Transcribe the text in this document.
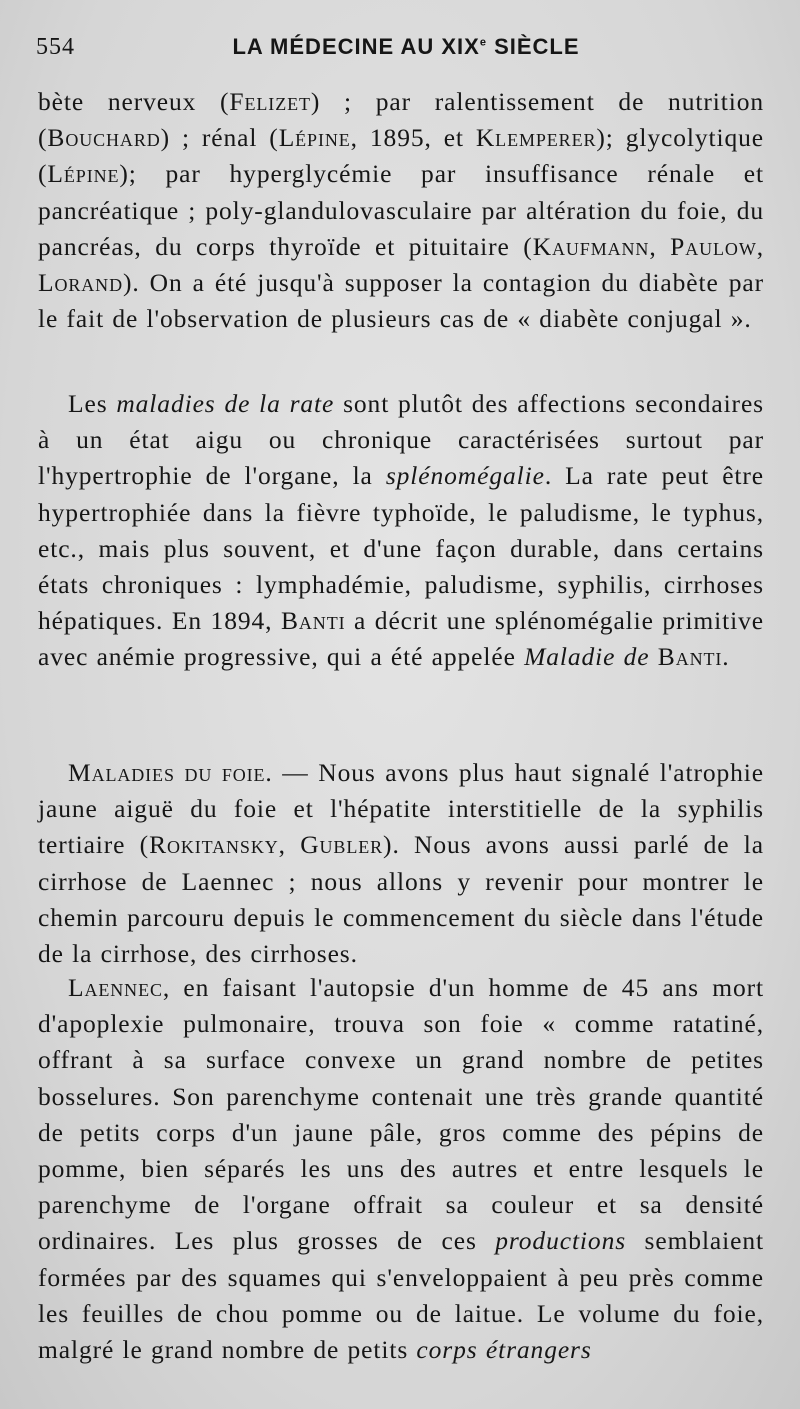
554	LA MÉDECINE AU XIXe SIÈCLE

bète nerveux (Felizet) ; par ralentissement de nutrition (Bouchard) ; rénal (Lépine, 1895, et Klemperer); glycolytique (Lépine); par hyperglycémie par insuffisance rénale et pancréatique ; poly-glandulovasculaire par altération du foie, du pancréas, du corps thyroïde et pituitaire (Kaufmann, Paulow, Lorand). On a été jusqu'à supposer la contagion du diabète par le fait de l'observation de plusieurs cas de « diabète conjugal ».

Les maladies de la rate sont plutôt des affections secondaires à un état aigu ou chronique caractérisées surtout par l'hypertrophie de l'organe, la splénomégalie. La rate peut être hypertrophiée dans la fièvre typhoïde, le paludisme, le typhus, etc., mais plus souvent, et d'une façon durable, dans certains états chroniques : lymphadémie, paludisme, syphilis, cirrhoses hépatiques. En 1894, Banti a décrit une splénomégalie primitive avec anémie progressive, qui a été appelée Maladie de Banti.

Maladies du foie. — Nous avons plus haut signalé l'atrophie jaune aiguë du foie et l'hépatite interstitielle de la syphilis tertiaire (Rokitansky, Gubler). Nous avons aussi parlé de la cirrhose de Laennec ; nous allons y revenir pour montrer le chemin parcouru depuis le commencement du siècle dans l'étude de la cirrhose, des cirrhoses.

Laennec, en faisant l'autopsie d'un homme de 45 ans mort d'apoplexie pulmonaire, trouva son foie « comme ratatiné, offrant à sa surface convexe un grand nombre de petites bosselures. Son parenchyme contenait une très grande quantité de petits corps d'un jaune pâle, gros comme des pépins de pomme, bien séparés les uns des autres et entre lesquels le parenchyme de l'organe offrait sa couleur et sa densité ordinaires. Les plus grosses de ces productions semblaient formées par des squames qui s'enveloppaient à peu près comme les feuilles de chou pomme ou de laitue. Le volume du foie, malgré le grand nombre de petits corps étrangers
